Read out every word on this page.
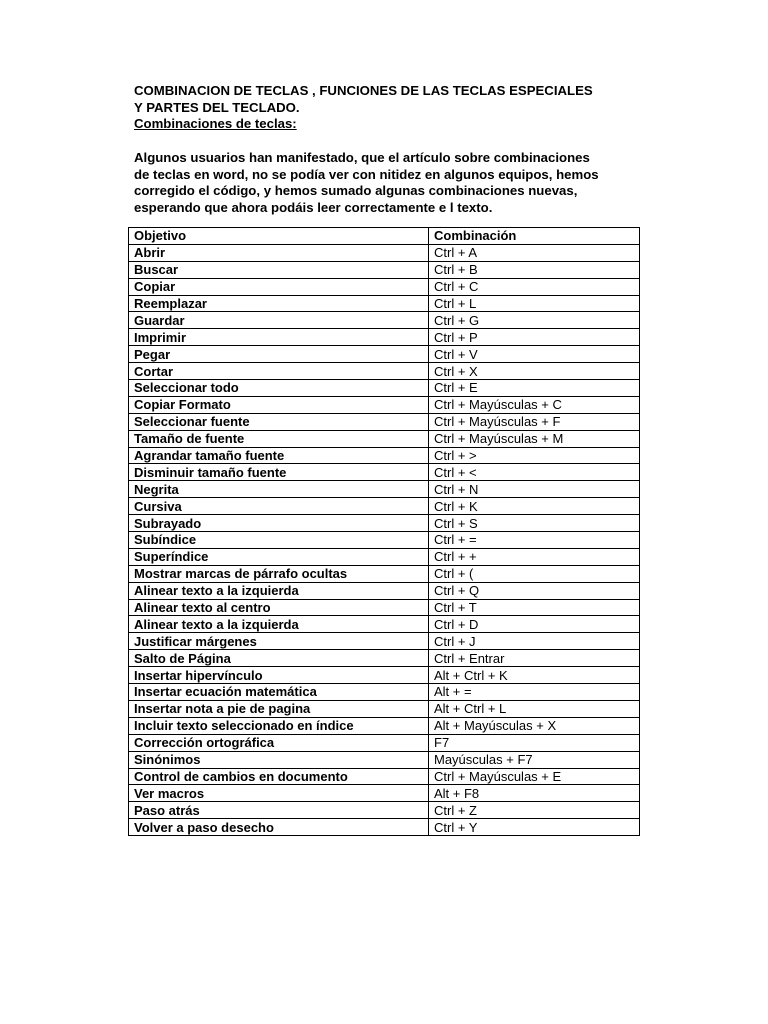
COMBINACION DE TECLAS , FUNCIONES DE LAS TECLAS ESPECIALES
Y PARTES DEL TECLADO.
Combinaciones de teclas:
Algunos usuarios han manifestado, que el artículo sobre combinaciones
de teclas en word, no se podía ver con nitidez en algunos equipos, hemos
corregido el código, y hemos sumado algunas combinaciones nuevas,
esperando que ahora podáis leer correctamente e l texto.
Objetivo	Combinación
Abrir	Ctrl + A
Buscar	Ctrl + B
Copiar	Ctrl + C
Reemplazar	Ctrl + L
Guardar	Ctrl + G
Imprimir	Ctrl + P
Pegar	Ctrl + V
Cortar	Ctrl + X
Seleccionar todo	Ctrl + E
Copiar Formato	Ctrl + Mayúsculas + C
Seleccionar fuente	Ctrl + Mayúsculas + F
Tamaño de fuente	Ctrl + Mayúsculas + M
Agrandar tamaño fuente	Ctrl + >
Disminuir tamaño fuente	Ctrl + <
Negrita	Ctrl + N
Cursiva	Ctrl + K
Subrayado	Ctrl + S
Subíndice	Ctrl + =
Superíndice	Ctrl + +
Mostrar marcas de párrafo ocultas	Ctrl + (
Alinear texto a la izquierda	Ctrl + Q
Alinear texto al centro	Ctrl + T
Alinear texto a la izquierda	Ctrl + D
Justificar márgenes	Ctrl + J
Salto de Página	Ctrl + Entrar
Insertar hipervínculo	Alt + Ctrl + K
Insertar ecuación matemática	Alt + =
Insertar nota a pie de pagina	Alt + Ctrl + L
Incluir texto seleccionado en índice	Alt + Mayúsculas + X
Corrección ortográfica	F7
Sinónimos	Mayúsculas + F7
Control de cambios en documento	Ctrl + Mayúsculas + E
Ver macros	Alt + F8
Paso atrás	Ctrl + Z
Volver a paso desecho	Ctrl + Y
